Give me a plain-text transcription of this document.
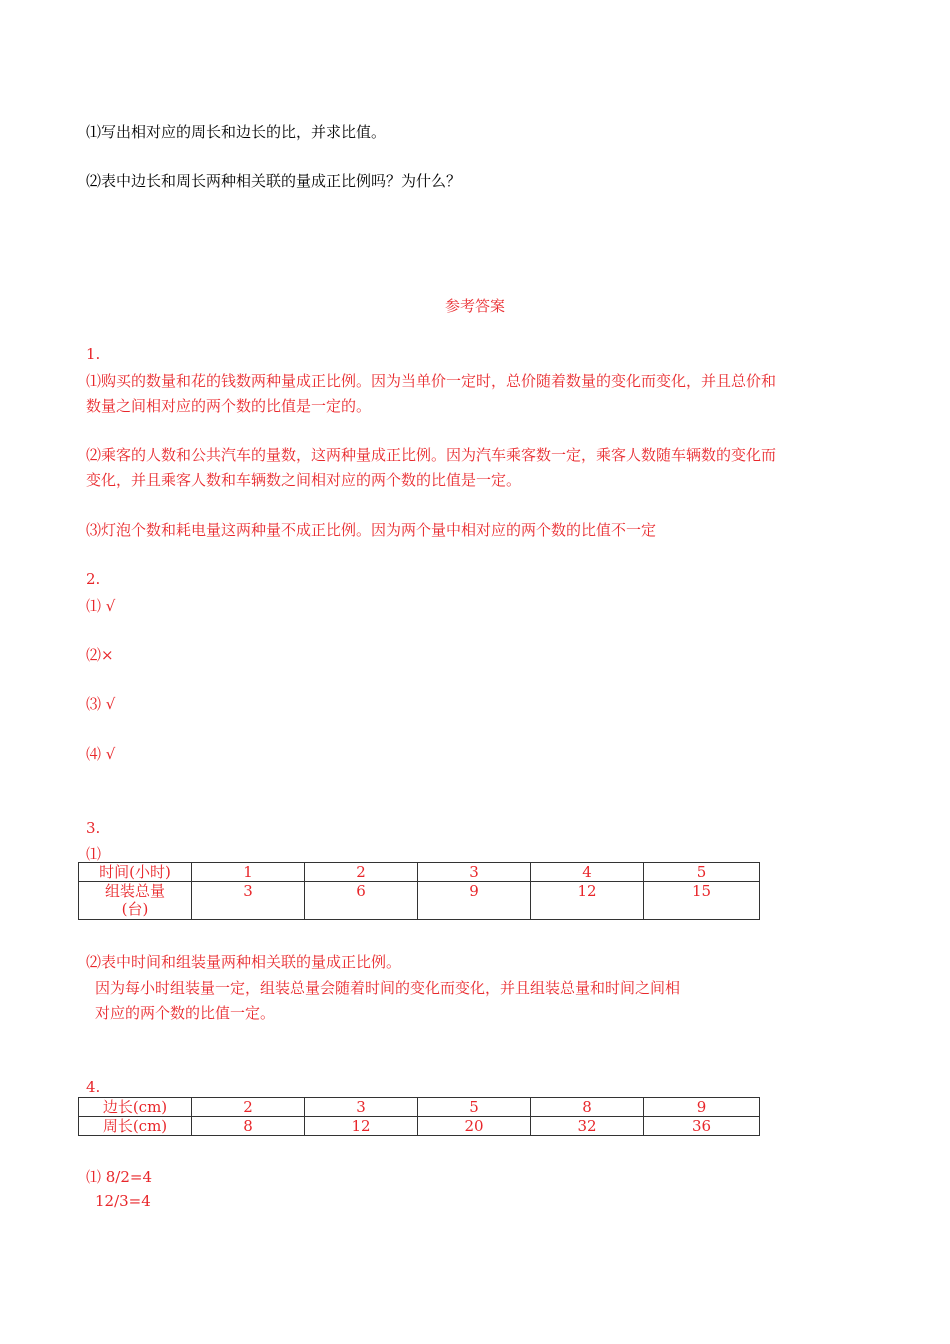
⑴写出相对应的周长和边长的比，并求比值。
⑵表中边长和周长两种相关联的量成正比例吗？为什么？
参考答案
1.
⑴购买的数量和花的钱数两种量成正比例。因为当单价一定时，总价随着数量的变化而变化，并且总价和
数量之间相对应的两个数的比值是一定的。
⑵乘客的人数和公共汽车的量数，这两种量成正比例。因为汽车乘客数一定，乘客人数随车辆数的变化而
变化，并且乘客人数和车辆数之间相对应的两个数的比值是一定。
⑶灯泡个数和耗电量这两种量不成正比例。因为两个量中相对应的两个数的比值不一定
2.
⑴ √
⑵×
⑶ √
⑷ √
3.
⑴
时间(小时)	1	2	3	4	5

组装总量
(台)	3	6	9	12	15
⑵表中时间和组装量两种相关联的量成正比例。
因为每小时组装量一定，组装总量会随着时间的变化而变化，并且组装总量和时间之间相
对应的两个数的比值一定。
4.
边长(cm)	2	3	5	8	9
周长(cm)	8	12	20	32	36
⑴ 8/2=4
12/3=4
